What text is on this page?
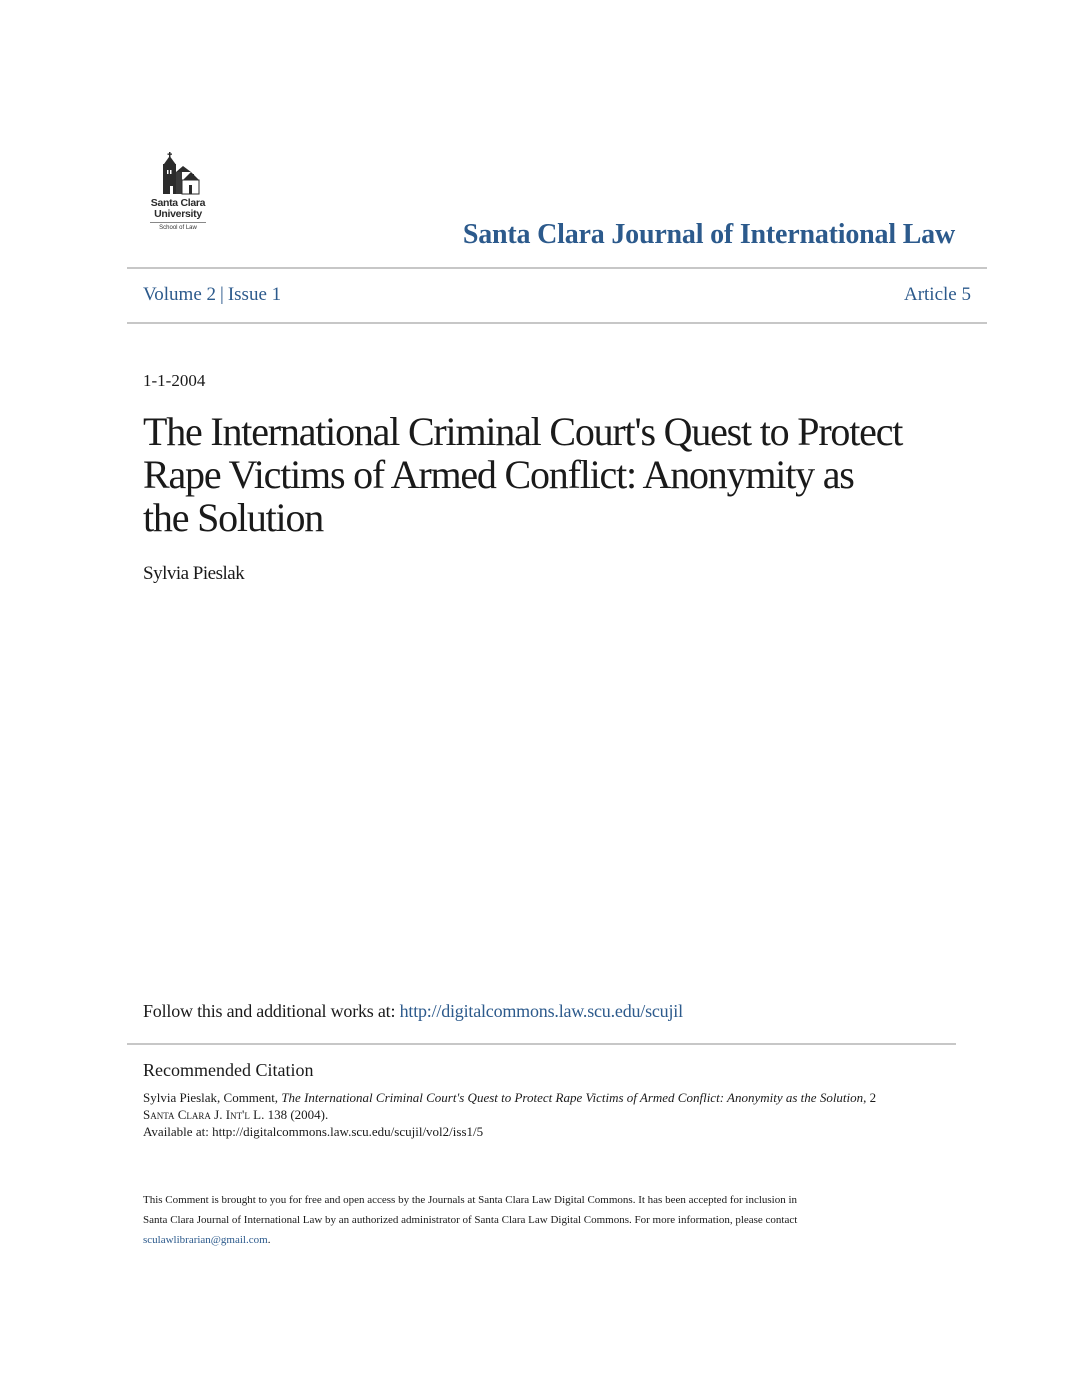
Santa Clara
University
School of Law	Santa Clara Journal of International Law
Volume 2 | Issue 1	Article 5
1-1-2004
The International Criminal Court's Quest to Protect Rape Victims of Armed Conflict: Anonymity as the Solution
Sylvia Pieslak
Follow this and additional works at: http://digitalcommons.law.scu.edu/scujil
Recommended Citation
Sylvia Pieslak, Comment, The International Criminal Court's Quest to Protect Rape Victims of Armed Conflict: Anonymity as the Solution, 2
Santa Clara J. Int'l L. 138 (2004).
Available at: http://digitalcommons.law.scu.edu/scujil/vol2/iss1/5
This Comment is brought to you for free and open access by the Journals at Santa Clara Law Digital Commons. It has been accepted for inclusion in
Santa Clara Journal of International Law by an authorized administrator of Santa Clara Law Digital Commons. For more information, please contact
sculawlibrarian@gmail.com.
